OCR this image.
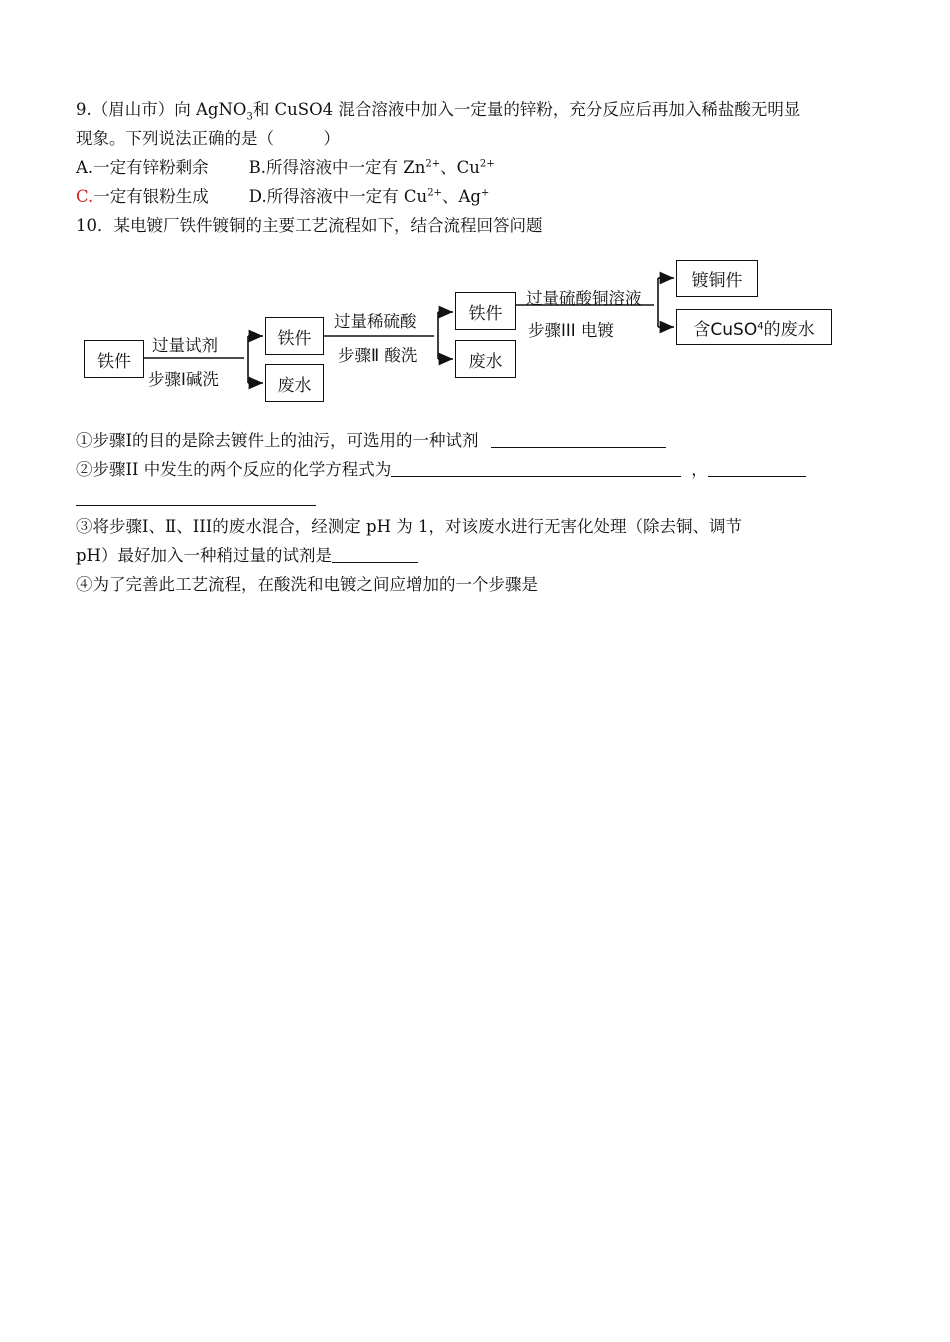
9.（眉山市）向 AgNO$_3$和 CuSO4 混合溶液中加入一定量的锌粉，充分反应后再加入稀盐酸无明显
现象。下列说法正确的是（　　　）
A.一定有锌粉剩余 B.所得溶液中一定有 $Zn^{2+}$、$Cu^{2+}$
C.一定有银粉生成 D.所得溶液中一定有 $Cu^{2+}$、Ag+
10．某电镀厂铁件镀铜的主要工艺流程如下，结合流程回答问题
铁件
过量试剂
步骤Ⅰ碱洗
铁件
废水
过量稀硫酸
步骤Ⅱ 酸洗
铁件
废水
过量硫酸铜溶液
步骤III 电镀
镀铜件
含CuSO 4 的废水
①步骤I的目的是除去镀件上的油污，可选用的一种试剂
②步骤II 中发生的两个反应的化学方程式为	，
③将步骤Ⅰ、Ⅱ、III的废水混合，经测定 pH 为 1，对该废水进行无害化处理（除去铜、调节
pH）最好加入一种稍过量的试剂是
④为了完善此工艺流程，在酸洗和电镀之间应增加的一个步骤是
